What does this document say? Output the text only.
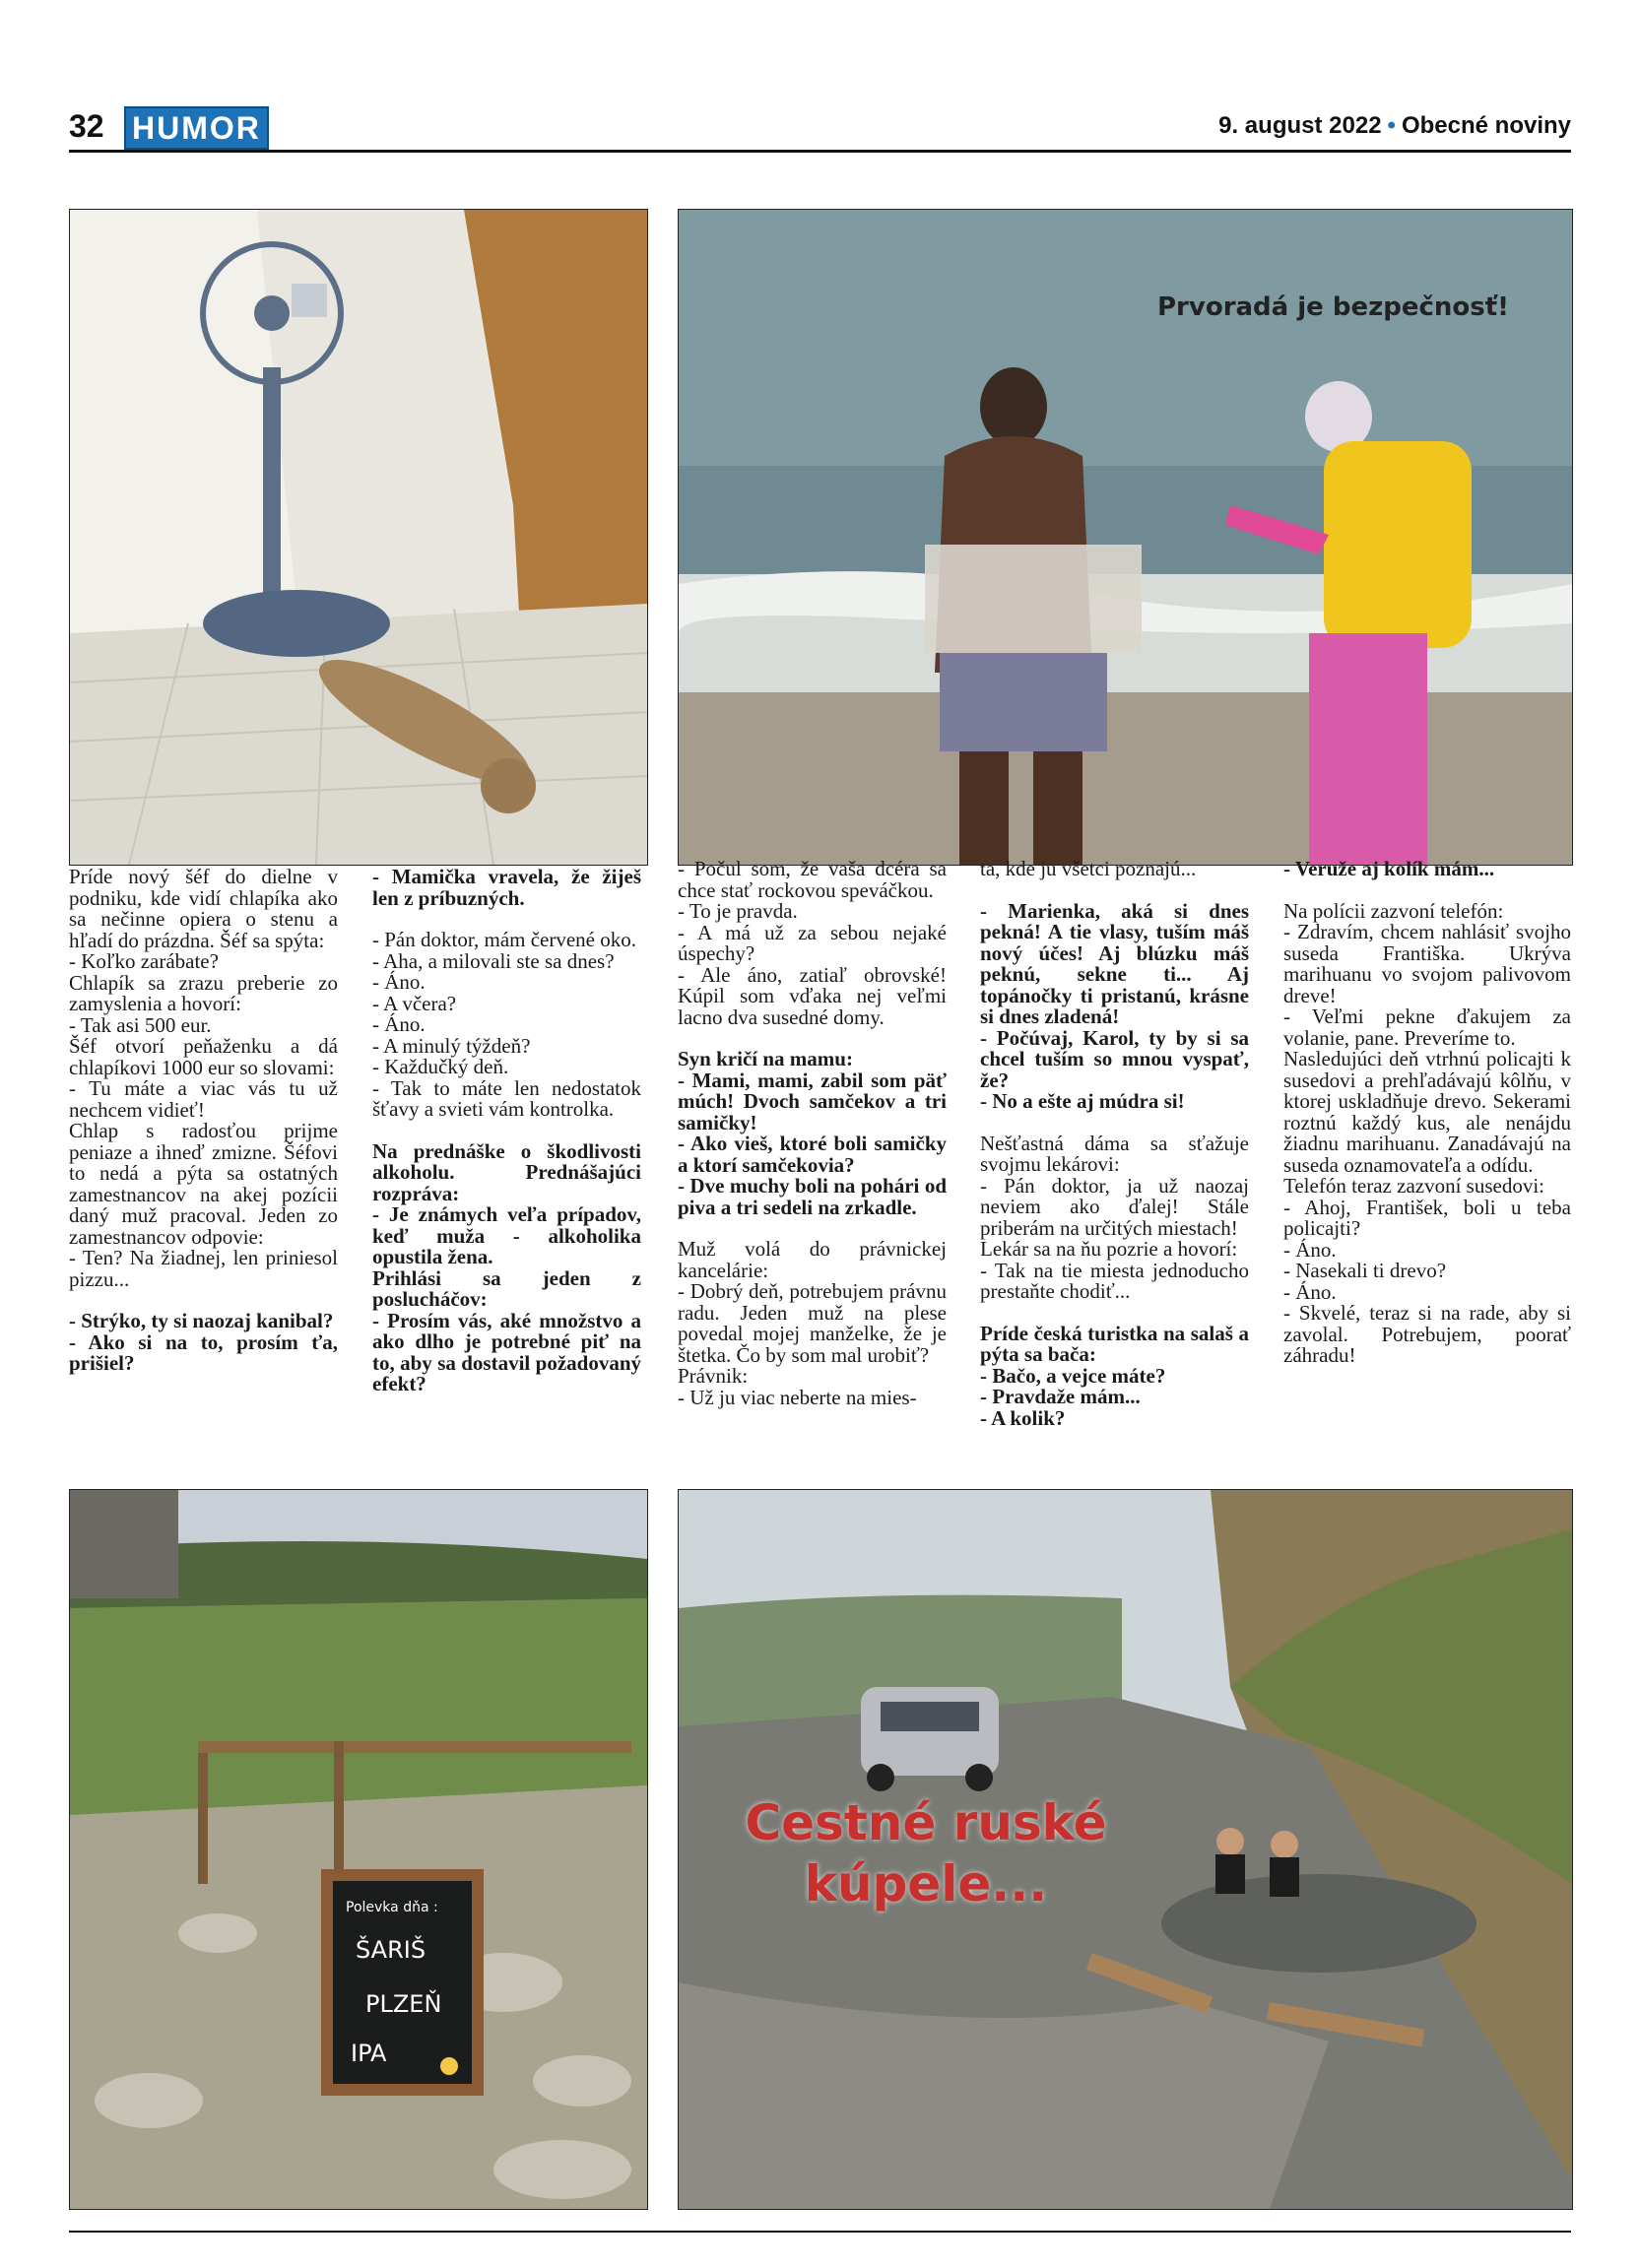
32 HUMOR	9. august 2022 • Obecné noviny
Prvoradá je bezpečnosť!

Príde nový šéf do dielne v podniku, kde vidí chlapíka ako sa nečinne opiera o stenu a hľadí do prázdna. Šéf sa spýta:

- Koľko zarábate?

Chlapík sa zrazu preberie zo zamyslenia a hovorí:

- Tak asi 500 eur.

Šéf otvorí peňaženku a dá chlapíkovi 1000 eur so slovami:

- Tu máte a viac vás tu už nechcem vidieť!

Chlap s radosťou prijme peniaze a ihneď zmizne. Šéfovi to nedá a pýta sa ostatných zamestnancov na akej pozícii daný muž pracoval. Jeden zo zamestnancov odpovie:

- Ten? Na žiadnej, len priniesol pizzu...

- Strýko, ty si naozaj kanibal?

- Ako si na to, prosím ťa, prišiel?

- Mamička vravela, že žiješ len z príbuzných.

- Pán doktor, mám červené oko.

- Aha, a milovali ste sa dnes?

- Áno.

- A včera?

- Áno.

- A minulý týždeň?

- Každučký deň.

- Tak to máte len nedostatok šťavy a svieti vám kontrolka.

Na prednáške o škodlivosti alkoholu. Prednášajúci rozpráva:

- Je známych veľa prípadov, keď muža - alkoholika opustila žena.

Prihlási sa jeden z poslucháčov:

- Prosím vás, aké množstvo a ako dlho je potrebné piť na to, aby sa dostavil požadovaný efekt?

- Počul som, že vaša dcéra sa chce stať rockovou speváčkou.

- To je pravda.

- A má už za sebou nejaké úspechy?

- Ale áno, zatiaľ obrovské! Kúpil som vďaka nej veľmi lacno dva susedné domy.

Syn kričí na mamu:

- Mami, mami, zabil som päť múch! Dvoch samčekov a tri samičky!

- Ako vieš, ktoré boli samičky a ktorí samčekovia?

- Dve muchy boli na pohári od piva a tri sedeli na zrkadle.

Muž volá do právnickej kancelárie:

- Dobrý deň, potrebujem právnu radu. Jeden muž na plese povedal mojej manželke, že je štetka. Čo by som mal urobiť?

Právnik:

- Už ju viac neberte na mies-

ta, kde ju všetci poznajú...

- Marienka, aká si dnes pekná! A tie vlasy, tuším máš nový účes! Aj blúzku máš peknú, sekne ti... Aj topánočky ti pristanú, krásne si dnes zladená!

- Počúvaj, Karol, ty by si sa chcel tuším so mnou vyspať, že?

- No a ešte aj múdra si!

Nešťastná dáma sa sťažuje svojmu lekárovi:

- Pán doktor, ja už naozaj neviem ako ďalej! Stále priberám na určitých miestach!

Lekár sa na ňu pozrie a hovorí:

- Tak na tie miesta jednoducho prestaňte chodiť...

Príde česká turistka na salaš a pýta sa bača:

- Bačo, a vejce máte?

- Pravdaže mám...

- A kolik?

- Veruže aj kolík mám...

Na polícii zazvoní telefón:

- Zdravím, chcem nahlásiť svojho suseda Františka. Ukrýva marihuanu vo svojom palivovom dreve!

- Veľmi pekne ďakujem za volanie, pane. Preveríme to.

Nasledujúci deň vtrhnú policajti k susedovi a prehľadávajú kôlňu, v ktorej uskladňuje drevo. Sekerami roztnú každý kus, ale nenájdu žiadnu marihuanu. Zanadávajú na suseda oznamovateľa a odídu.

Telefón teraz zazvoní susedovi:

- Ahoj, František, boli u teba policajti?

- Áno.

- Nasekali ti drevo?

- Áno.

- Skvelé, teraz si na rade, aby si zavolal. Potrebujem, poorať záhradu!

Polevka dňa :
ŠARIŠ
PLZEŇ
IPA
Cestné ruské kúpele...
